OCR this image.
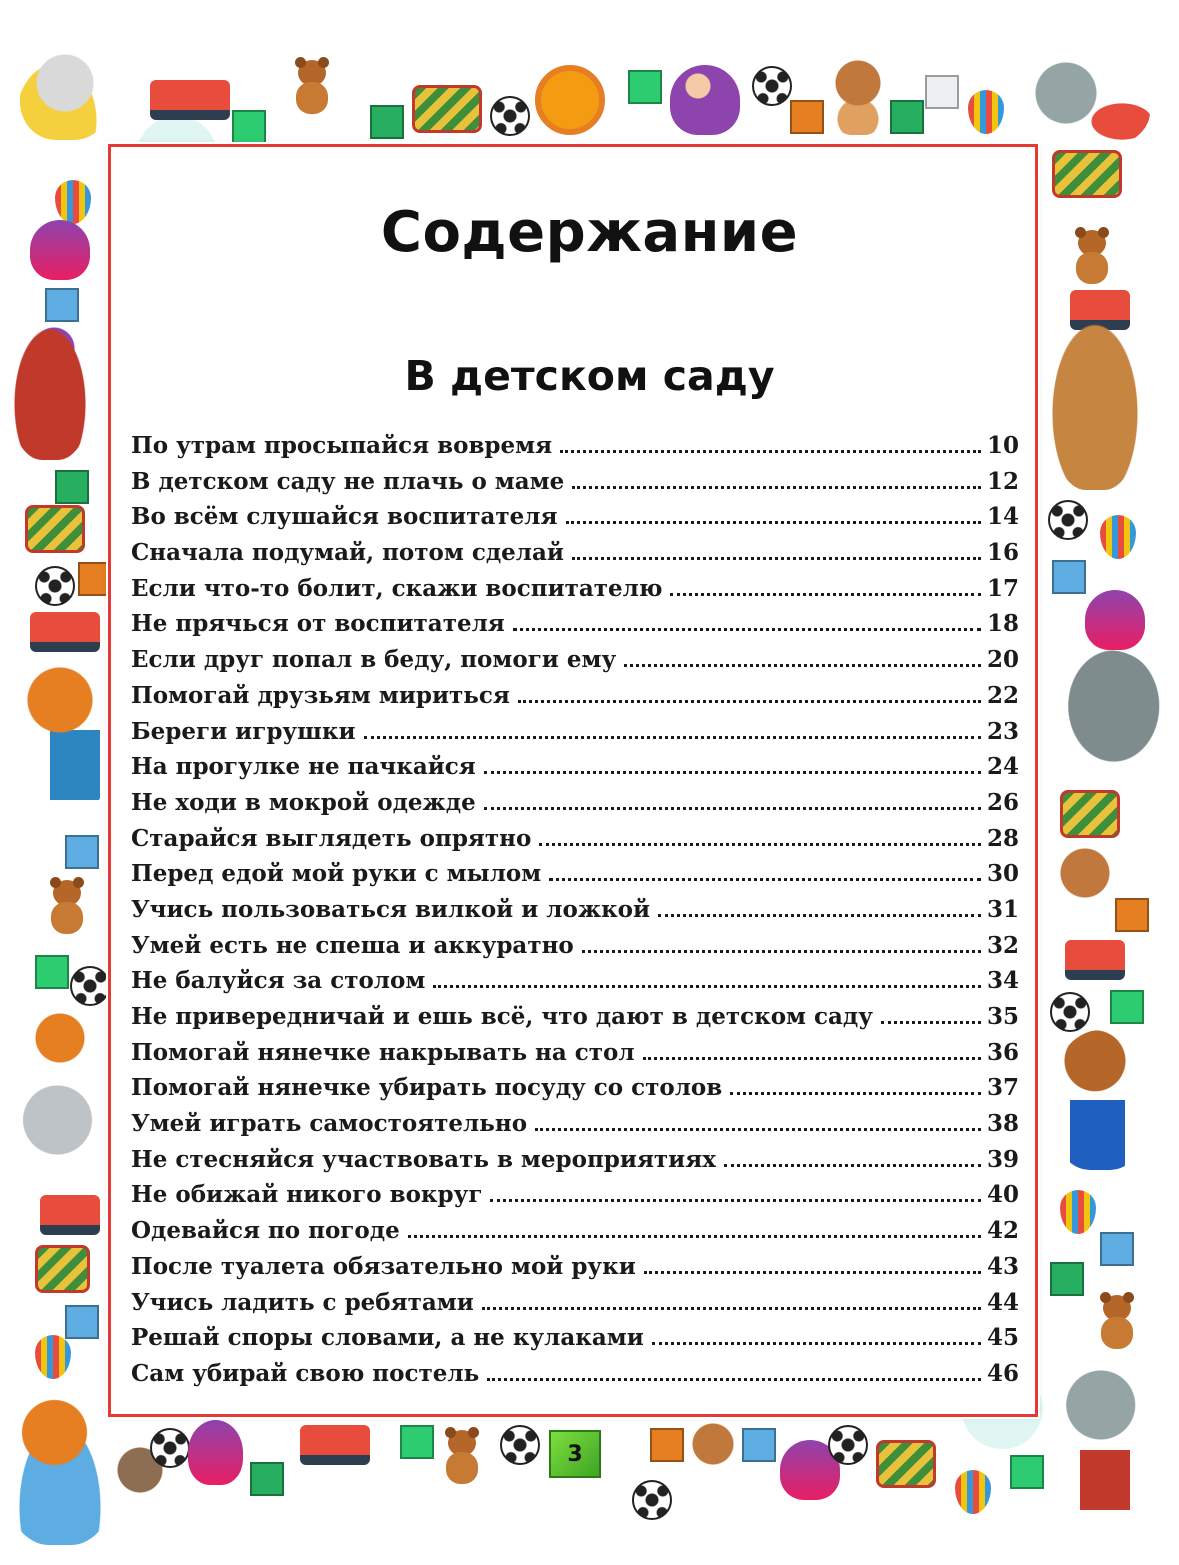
Содержание
В детском саду
По утрам просыпайся вовремя	10
В детском саду не плачь о маме	12
Во всём слушайся воспитателя	14
Сначала подумай, потом сделай	16
Если что-то болит, скажи воспитателю	17
Не прячься от воспитателя	18
Если друг попал в беду, помоги ему	20
Помогай друзьям мириться	22
Береги игрушки	23
На прогулке не пачкайся	24
Не ходи в мокрой одежде	26
Старайся выглядеть опрятно	28
Перед едой мой руки с мылом	30
Учись пользоваться вилкой и ложкой	31
Умей есть не спеша и аккуратно	32
Не балуйся за столом	34
Не привередничай и ешь всё, что дают в детском саду	35
Помогай нянечке накрывать на стол	36
Помогай нянечке убирать посуду со столов	37
Умей играть самостоятельно	38
Не стесняйся участвовать в мероприятиях	39
Не обижай никого вокруг	40
Одевайся по погоде	42
После туалета обязательно мой руки	43
Учись ладить с ребятами	44
Решай споры словами, а не кулаками	45
Сам убирай свою постель	46
3
